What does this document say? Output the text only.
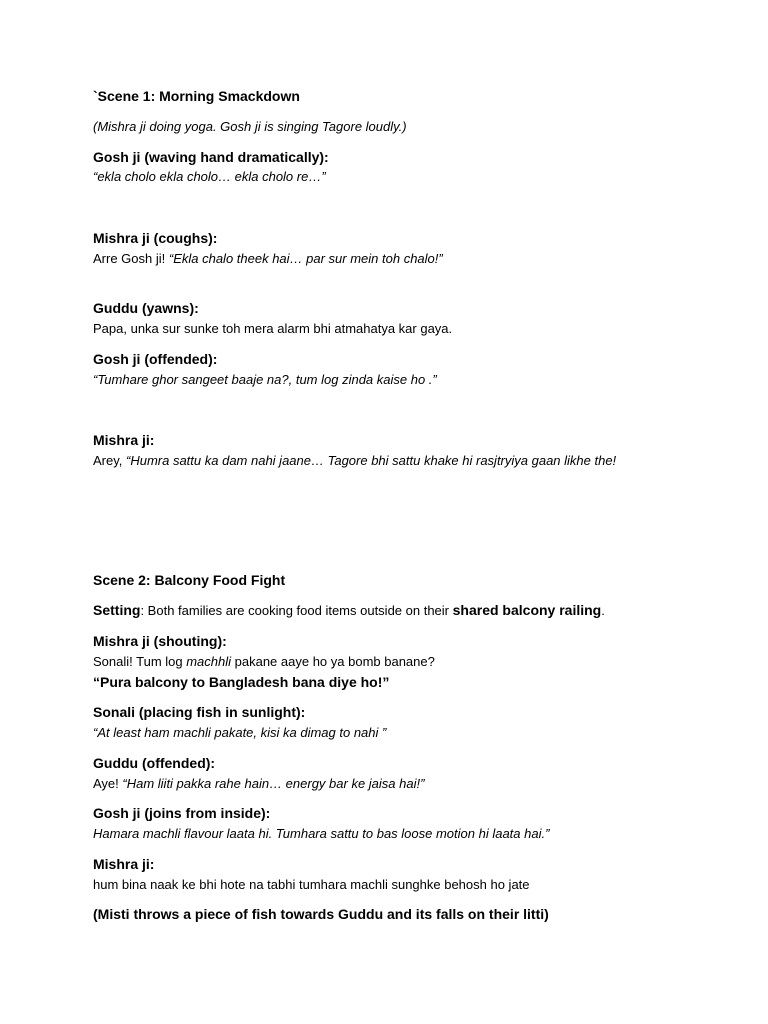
`Scene 1: Morning Smackdown
(Mishra ji doing yoga. Gosh ji is singing Tagore loudly.)
Gosh ji (waving hand dramatically):
“ekla cholo ekla cholo… ekla cholo re…”
Mishra ji (coughs):
Arre Gosh ji! “Ekla chalo theek hai… par sur mein toh chalo!”
Guddu (yawns):
Papa, unka sur sunke toh mera alarm bhi atmahatya kar gaya.
Gosh ji (offended):
“Tumhare ghor sangeet baaje na?, tum log zinda kaise ho .”
Mishra ji:
Arey, “Humra sattu ka dam nahi jaane… Tagore bhi sattu khake hi rasjtryiya gaan likhe the!
Scene 2: Balcony Food Fight
Setting: Both families are cooking food items outside on their shared balcony railing.
Mishra ji (shouting):
Sonali! Tum log machhli pakane aaye ho ya bomb banane?
“Pura balcony to Bangladesh bana diye ho!”
Sonali (placing fish in sunlight):
“At least ham machli pakate, kisi ka dimag to nahi ”
Guddu (offended):
Aye! “Ham liiti pakka rahe hain… energy bar ke jaisa hai!”
Gosh ji (joins from inside):
Hamara machli flavour laata hi. Tumhara sattu to bas loose motion hi laata hai.”
Mishra ji:
hum bina naak ke bhi hote na tabhi tumhara machli sunghke behosh ho jate
(Misti throws a piece of fish towards Guddu and its falls on their litti)
